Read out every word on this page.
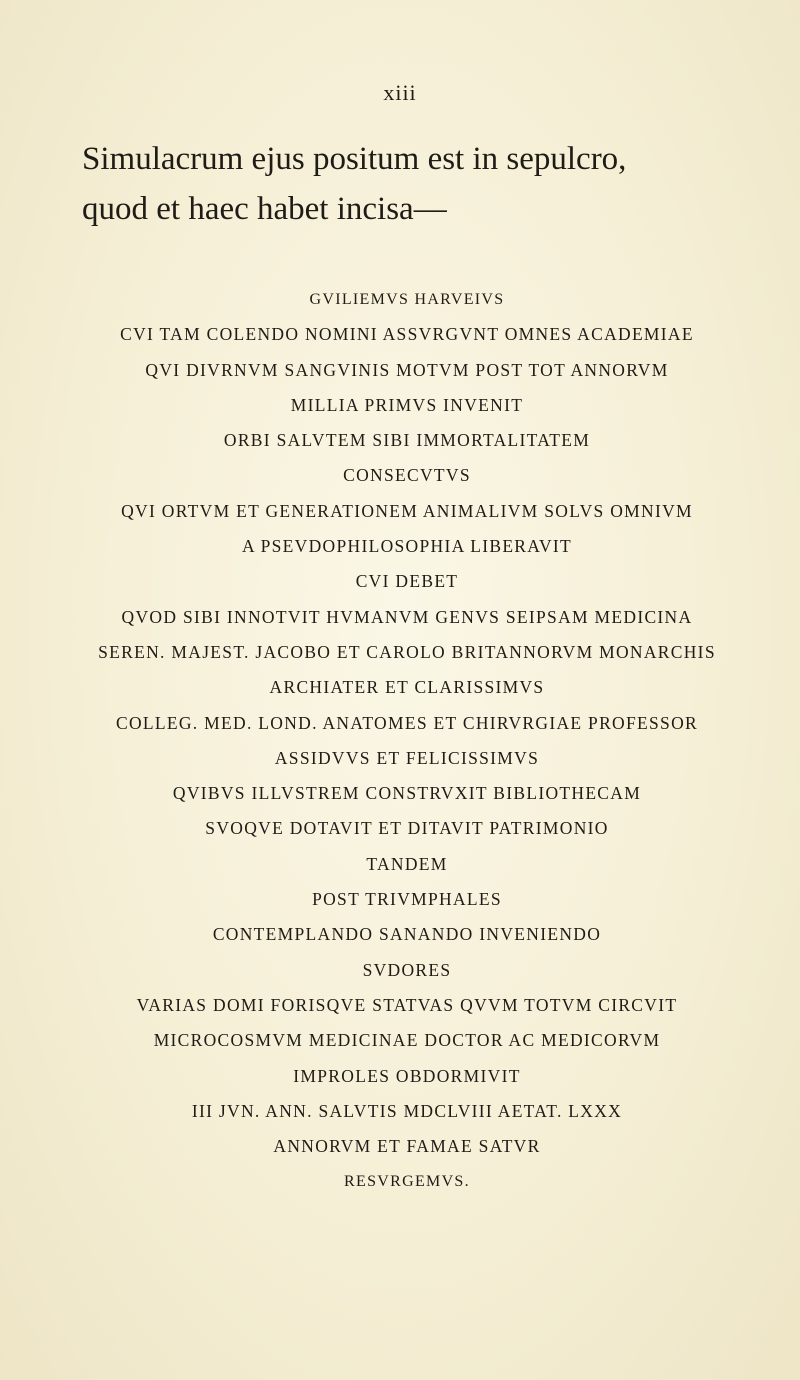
xiii
Simulacrum ejus positum est in sepulcro,
quod et haec habet incisa—
GVILIEMVS HARVEIVS
CVI TAM COLENDO NOMINI ASSVRGVNT OMNES ACADEMIAE
QVI DIVRNVM SANGVINIS MOTVM POST TOT ANNORVM
MILLIA PRIMVS INVENIT
ORBI SALVTEM SIBI IMMORTALITATEM
CONSECVTVS
QVI ORTVM ET GENERATIONEM ANIMALIVM SOLVS OMNIVM
A PSEVDOPHILOSOPHIA LIBERAVIT
CVI DEBET
QVOD SIBI INNOTVIT HVMANVM GENVS SEIPSAM MEDICINA
SEREN. MAJEST. JACOBO ET CAROLO BRITANNORVM MONARCHIS
ARCHIATER ET CLARISSIMVS
COLLEG. MED. LOND. ANATOMES ET CHIRVRGIAE PROFESSOR
ASSIDVVS ET FELICISSIMVS
QVIBVS ILLVSTREM CONSTRVXIT BIBLIOTHECAM
SVOQVE DOTAVIT ET DITAVIT PATRIMONIO
TANDEM
POST TRIVMPHALES
CONTEMPLANDO SANANDO INVENIENDO
SVDORES
VARIAS DOMI FORISQVE STATVAS QVVM TOTVM CIRCVIT
MICROCOSMVM MEDICINAE DOCTOR AC MEDICORVM
IMPROLES OBDORMIVIT
III JVN. ANN. SALVTIS MDCLVIII AETAT. LXXX
ANNORVM ET FAMAE SATVR
RESVRGEMVS.
